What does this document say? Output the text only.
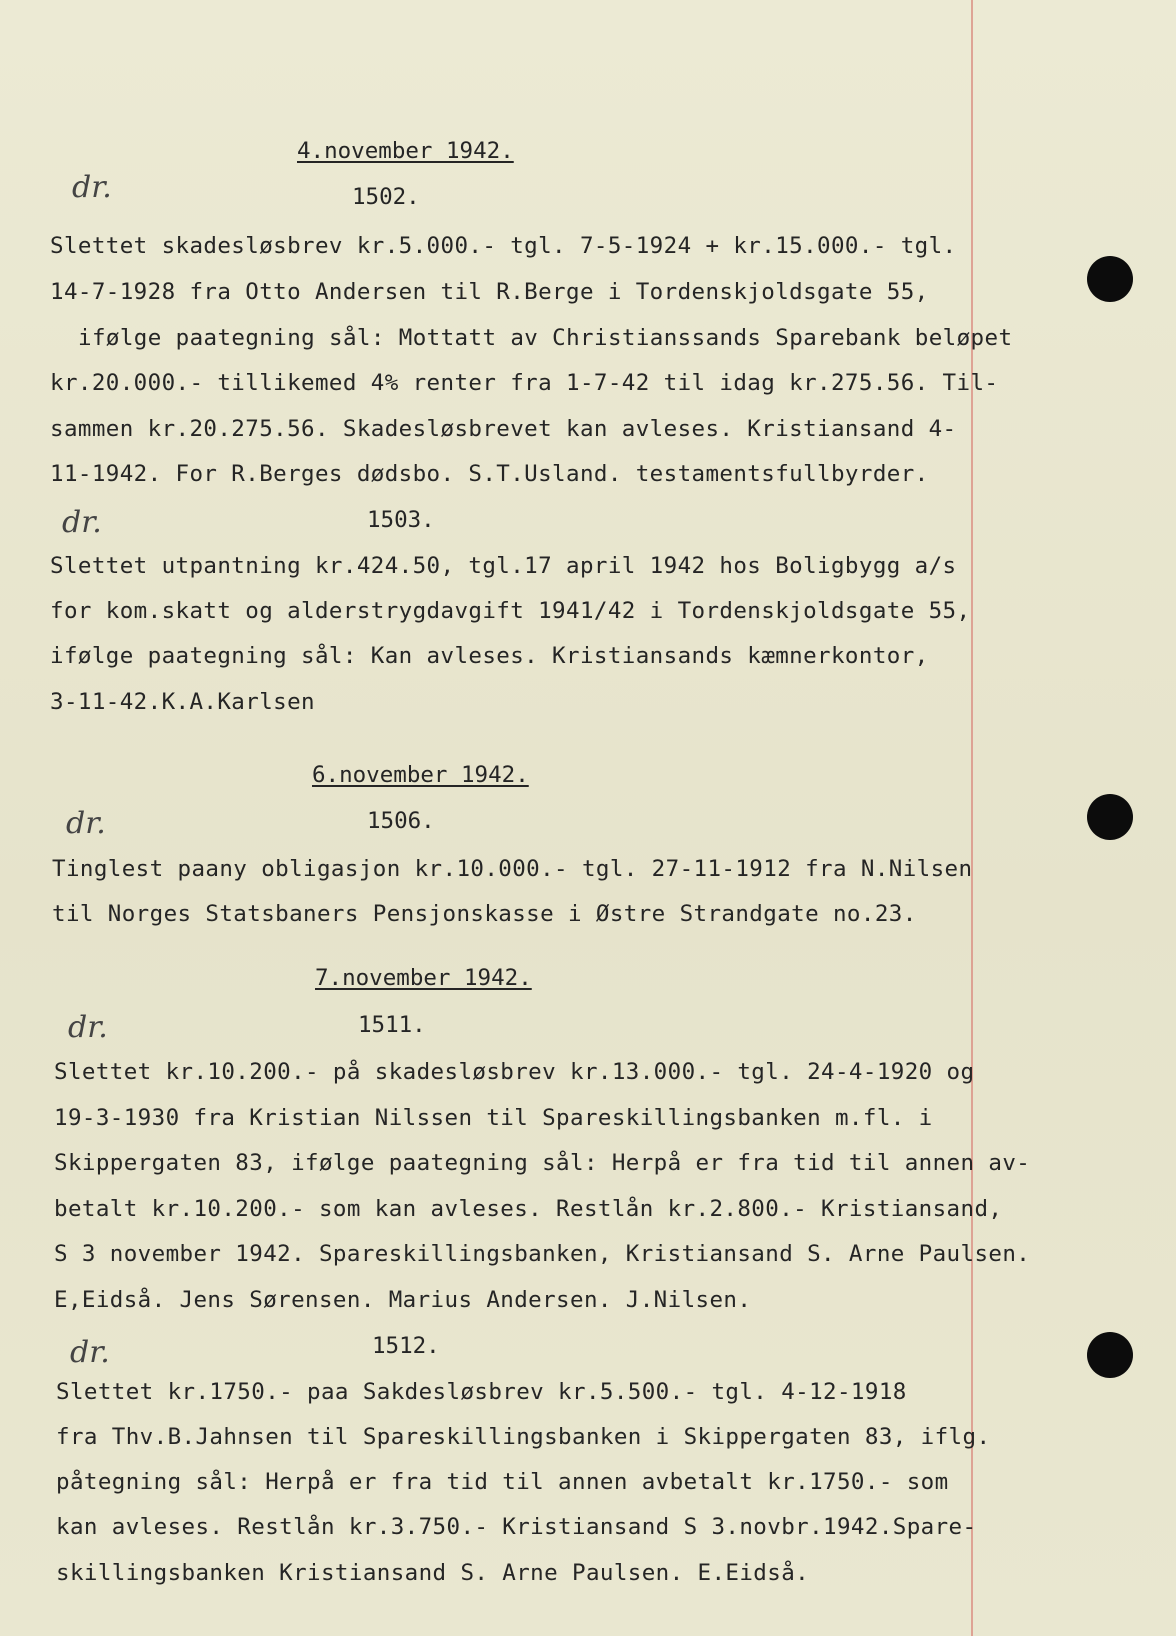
4.november 1942.
dr.	1502.
Slettet skadesløsbrev kr.5.000.- tgl. 7-5-1924 + kr.15.000.- tgl.
14-7-1928 fra Otto Andersen til R.Berge i Tordenskjoldsgate 55,
ifølge paategning sål: Mottatt av Christianssands Sparebank beløpet
kr.20.000.- tillikemed 4% renter fra 1-7-42 til idag kr.275.56. Til-
sammen kr.20.275.56. Skadesløsbrevet kan avleses. Kristiansand 4-
11-1942. For R.Berges dødsbo. S.T.Usland. testamentsfullbyrder.
dr.	1503.
Slettet utpantning kr.424.50, tgl.17 april 1942 hos Boligbygg a/s
for kom.skatt og alderstrygdavgift 1941/42 i Tordenskjoldsgate 55,
ifølge paategning sål: Kan avleses. Kristiansands kæmnerkontor,
3-11-42.K.A.Karlsen
6.november 1942.
dr.	1506.
Tinglest paany obligasjon kr.10.000.- tgl. 27-11-1912 fra N.Nilsen
til Norges Statsbaners Pensjonskasse i Østre Strandgate no.23.
7.november 1942.
dr.	1511.
Slettet kr.10.200.- på skadesløsbrev kr.13.000.- tgl. 24-4-1920 og
19-3-1930 fra Kristian Nilssen til Spareskillingsbanken m.fl. i
Skippergaten 83, ifølge paategning sål: Herpå er fra tid til annen av-
betalt kr.10.200.- som kan avleses. Restlån kr.2.800.- Kristiansand,
S 3 november 1942. Spareskillingsbanken, Kristiansand S. Arne Paulsen.
E,Eidså. Jens Sørensen. Marius Andersen. J.Nilsen.
dr.	1512.
Slettet kr.1750.- paa Sakdesløsbrev kr.5.500.- tgl. 4-12-1918
fra Thv.B.Jahnsen til Spareskillingsbanken i Skippergaten 83, iflg.
påtegning sål: Herpå er fra tid til annen avbetalt kr.1750.- som
kan avleses. Restlån kr.3.750.- Kristiansand S 3.novbr.1942.Spare-
skillingsbanken Kristiansand S. Arne Paulsen. E.Eidså.
